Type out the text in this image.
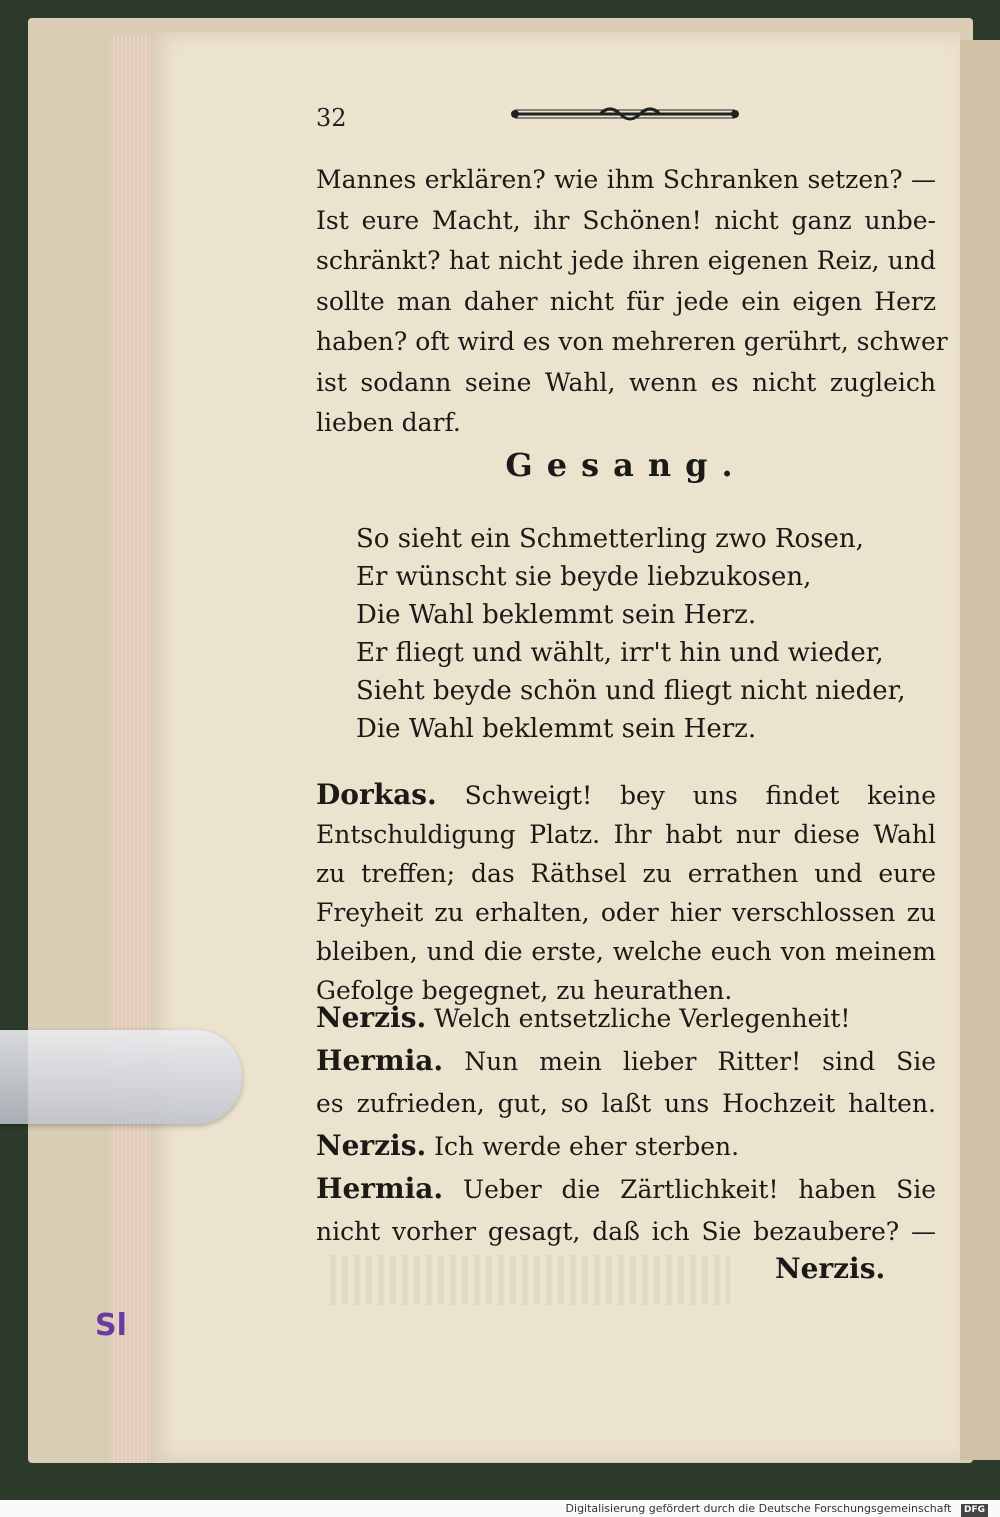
32
Mannes erklären? wie ihm Schranken setzen? —
Ist eure Macht, ihr Schönen! nicht ganz unbe-
schränkt? hat nicht jede ihren eigenen Reiz, und
sollte man daher nicht für jede ein eigen Herz
haben? oft wird es von mehreren gerührt, schwer
ist sodann seine Wahl, wenn es nicht zugleich
lieben darf.
Gesang.
So sieht ein Schmetterling zwo Rosen,
Er wünscht sie beyde liebzukosen,
Die Wahl beklemmt sein Herz.
Er fliegt und wählt, irr't hin und wieder,
Sieht beyde schön und fliegt nicht nieder,
Die Wahl beklemmt sein Herz.
Dorkas. Schweigt! bey uns findet keine
Entschuldigung Platz. Ihr habt nur diese Wahl
zu treffen; das Räthsel zu errathen und eure
Freyheit zu erhalten, oder hier verschlossen zu
bleiben, und die erste, welche euch von meinem
Gefolge begegnet, zu heurathen.
Nerzis. Welch entsetzliche Verlegenheit!
Hermia. Nun mein lieber Ritter! sind Sie
es zufrieden, gut, so laßt uns Hochzeit halten.
Nerzis. Ich werde eher sterben.
Hermia. Ueber die Zärtlichkeit! haben Sie
nicht vorher gesagt, daß ich Sie bezaubere? —
Nerzis.
Sl
Digitalisierung gefördert durch die Deutsche Forschungsgemeinschaft DFG
